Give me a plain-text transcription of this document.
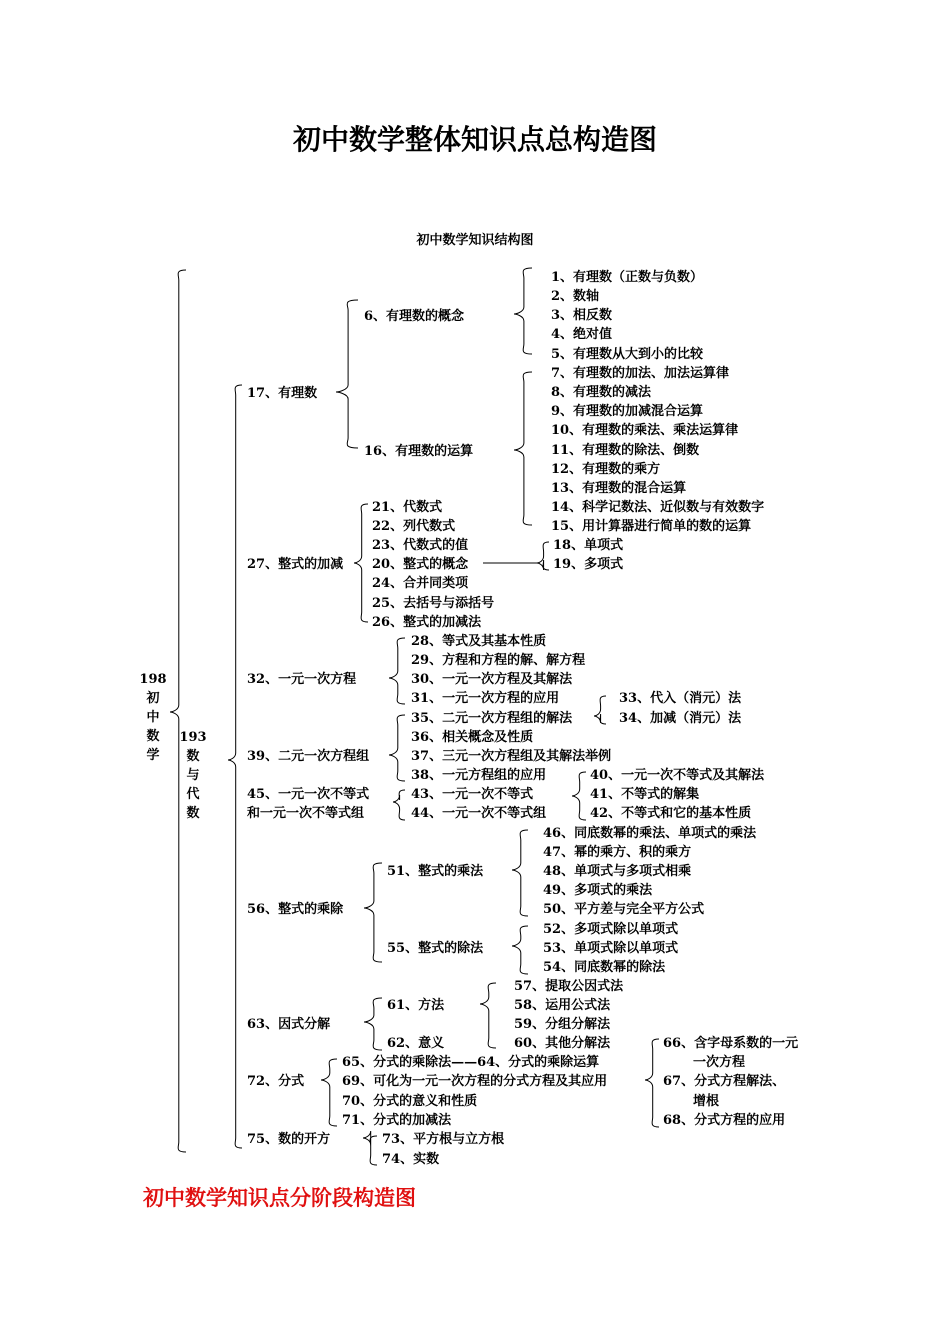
初中数学整体知识点总构造图
初中数学知识结构图
1、有理数（正数与负数）
2、数轴
3、相反数
4、绝对值
5、有理数从大到小的比较
7、有理数的加法、加法运算律
8、有理数的减法
9、有理数的加减混合运算
10、有理数的乘法、乘法运算律
11、有理数的除法、倒数
12、有理数的乘方
13、有理数的混合运算
14、科学记数法、近似数与有效数字
15、用计算器进行简单的数的运算
6、有理数的概念
16、有理数的运算
17、有理数
21、代数式
22、列代数式
23、代数式的值
20、整式的概念
24、合并同类项
25、去括号与添括号
26、整式的加减法
18、单项式
19、多项式
27、整式的加减
28、等式及其基本性质
29、方程和方程的解、解方程
30、一元一次方程及其解法
31、一元一次方程的应用
32、一元一次方程
35、二元一次方程组的解法
33、代入（消元）法
34、加减（消元）法
36、相关概念及性质
37、三元一次方程组及其解法举例
38、一元方程组的应用
39、二元一次方程组
40、一元一次不等式及其解法
41、不等式的解集
42、不等式和它的基本性质
43、一元一次不等式
44、一元一次不等式组
45、一元一次不等式
和一元一次不等式组
46、同底数幂的乘法、单项式的乘法
47、幂的乘方、积的乘方
48、单项式与多项式相乘
49、多项式的乘法
50、平方差与完全平方公式
51、整式的乘法
52、多项式除以单项式
53、单项式除以单项式
54、同底数幂的除法
55、整式的除法
56、整式的乘除
57、提取公因式法
58、运用公式法
59、分组分解法
60、其他分解法
61、方法
62、意义
63、因式分解
65、分式的乘除法——64、分式的乘除运算
69、可化为一元一次方程的分式方程及其应用
70、分式的意义和性质
71、分式的加减法
72、分式
66、含字母系数的一元
一次方程
67、分式方程解法、
增根
68、分式方程的应用
73、平方根与立方根
74、实数
75、数的开方
198
初
中
数
学
193
数
与
代
数
初中数学知识点分阶段构造图
